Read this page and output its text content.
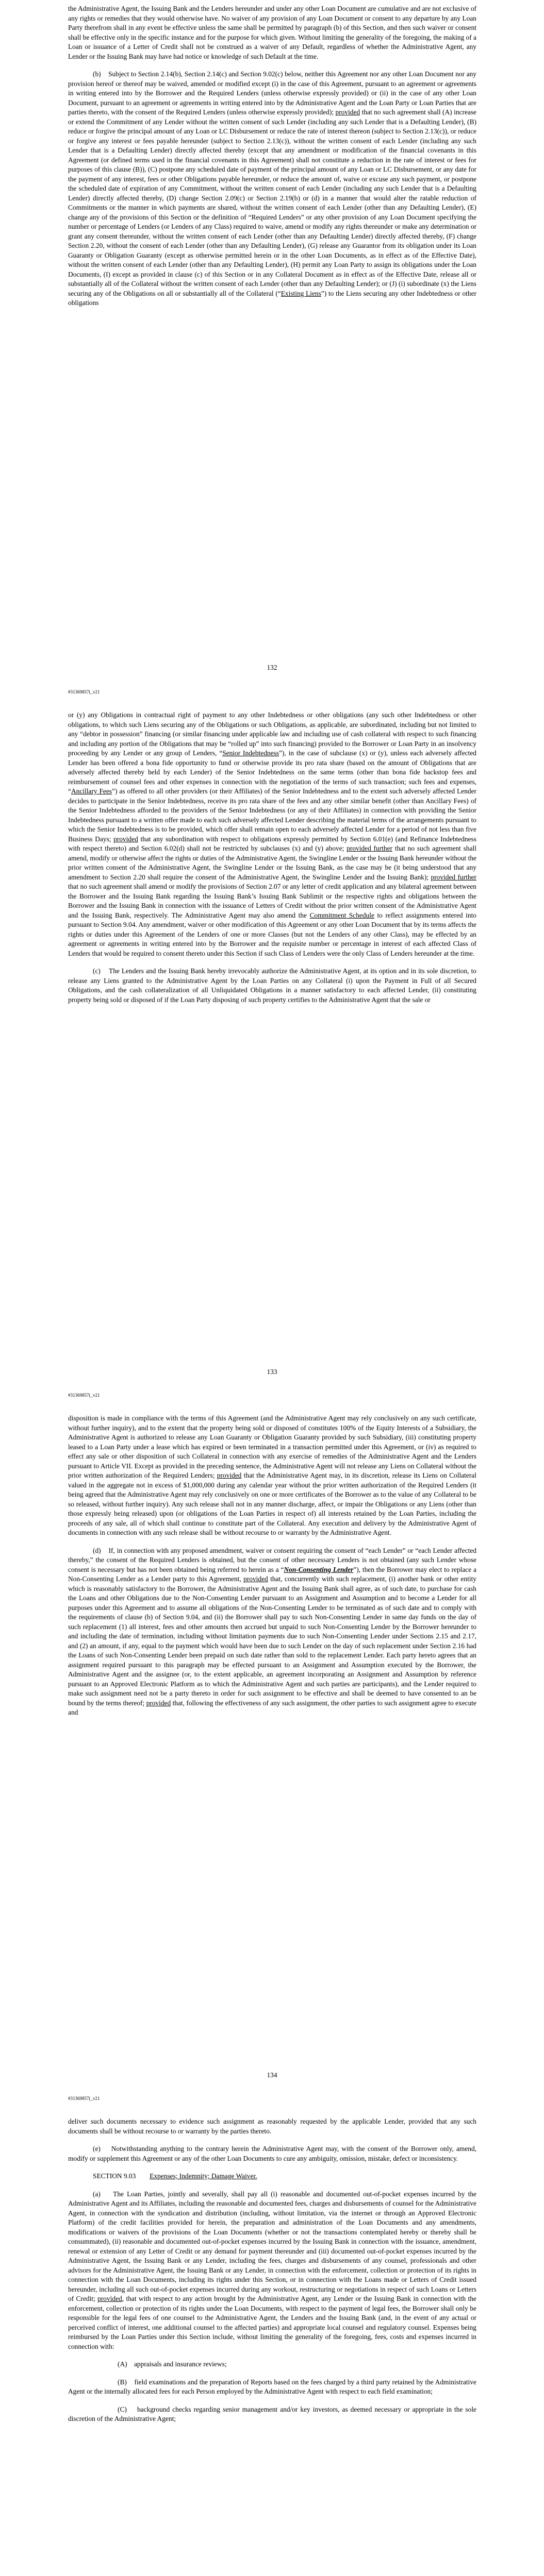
the Administrative Agent, the Issuing Bank and the Lenders hereunder and under any other Loan Document are cumulative and are not exclusive of any rights or remedies that they would otherwise have. No waiver of any provision of any Loan Document or consent to any departure by any Loan Party therefrom shall in any event be effective unless the same shall be permitted by paragraph (b) of this Section, and then such waiver or consent shall be effective only in the specific instance and for the purpose for which given. Without limiting the generality of the foregoing, the making of a Loan or issuance of a Letter of Credit shall not be construed as a waiver of any Default, regardless of whether the Administrative Agent, any Lender or the Issuing Bank may have had notice or knowledge of such Default at the time.

(b)    Subject to Section 2.14(b), Section 2.14(c) and Section 9.02(c) below, neither this Agreement nor any other Loan Document nor any provision hereof or thereof may be waived, amended or modified except (i) in the case of this Agreement, pursuant to an agreement or agreements in writing entered into by the Borrower and the Required Lenders (unless otherwise expressly provided) or (ii) in the case of any other Loan Document, pursuant to an agreement or agreements in writing entered into by the Administrative Agent and the Loan Party or Loan Parties that are parties thereto, with the consent of the Required Lenders (unless otherwise expressly provided); provided that no such agreement shall (A) increase or extend the Commitment of any Lender without the written consent of such Lender (including any such Lender that is a Defaulting Lender), (B) reduce or forgive the principal amount of any Loan or LC Disbursement or reduce the rate of interest thereon (subject to Section 2.13(c)), or reduce or forgive any interest or fees payable hereunder (subject to Section 2.13(c)), without the written consent of each Lender (including any such Lender that is a Defaulting Lender) directly affected thereby (except that any amendment or modification of the financial covenants in this Agreement (or defined terms used in the financial covenants in this Agreement) shall not constitute a reduction in the rate of interest or fees for purposes of this clause (B)), (C) postpone any scheduled date of payment of the principal amount of any Loan or LC Disbursement, or any date for the payment of any interest, fees or other Obligations payable hereunder, or reduce the amount of, waive or excuse any such payment, or postpone the scheduled date of expiration of any Commitment, without the written consent of each Lender (including any such Lender that is a Defaulting Lender) directly affected thereby, (D) change Section 2.09(c) or Section 2.19(b) or (d) in a manner that would alter the ratable reduction of Commitments or the manner in which payments are shared, without the written consent of each Lender (other than any Defaulting Lender), (E) change any of the provisions of this Section or the definition of “Required Lenders” or any other provision of any Loan Document specifying the number or percentage of Lenders (or Lenders of any Class) required to waive, amend or modify any rights thereunder or make any determination or grant any consent thereunder, without the written consent of each Lender (other than any Defaulting Lender) directly affected thereby, (F) change Section 2.20, without the consent of each Lender (other than any Defaulting Lender), (G) release any Guarantor from its obligation under its Loan Guaranty or Obligation Guaranty (except as otherwise permitted herein or in the other Loan Documents, as in effect as of the Effective Date), without the written consent of each Lender (other than any Defaulting Lender), (H) permit any Loan Party to assign its obligations under the Loan Documents, (I) except as provided in clause (c) of this Section or in any Collateral Document as in effect as of the Effective Date, release all or substantially all of the Collateral without the written consent of each Lender (other than any Defaulting Lender); or (J) (i) subordinate (x) the Liens securing any of the Obligations on all or substantially all of the Collateral (“Existing Liens”) to the Liens securing any other Indebtedness or other obligations

132
#31369857(_v21

or (y) any Obligations in contractual right of payment to any other Indebtedness or other obligations (any such other Indebtedness or other obligations, to which such Liens securing any of the Obligations or such Obligations, as applicable, are subordinated, including but not limited to any “debtor in possession” financing (or similar financing under applicable law and including use of cash collateral with respect to such financing and including any portion of the Obligations that may be “rolled up” into such financing) provided to the Borrower or Loan Party in an insolvency proceeding by any Lender or any group of Lenders, “Senior Indebtedness”), in the case of subclause (x) or (y), unless each adversely affected Lender has been offered a bona fide opportunity to fund or otherwise provide its pro rata share (based on the amount of Obligations that are adversely affected thereby held by each Lender) of the Senior Indebtedness on the same terms (other than bona fide backstop fees and reimbursement of counsel fees and other expenses in connection with the negotiation of the terms of such transaction; such fees and expenses, “Ancillary Fees”) as offered to all other providers (or their Affiliates) of the Senior Indebtedness and to the extent such adversely affected Lender decides to participate in the Senior Indebtedness, receive its pro rata share of the fees and any other similar benefit (other than Ancillary Fees) of the Senior Indebtedness afforded to the providers of the Senior Indebtedness (or any of their Affiliates) in connection with providing the Senior Indebtedness pursuant to a written offer made to each such adversely affected Lender describing the material terms of the arrangements pursuant to which the Senior Indebtedness is to be provided, which offer shall remain open to each adversely affected Lender for a period of not less than five Business Days; provided that any subordination with respect to obligations expressly permitted by Section 6.01(e) (and Refinance Indebtedness with respect thereto) and Section 6.02(d) shall not be restricted by subclauses (x) and (y) above; provided further that no such agreement shall amend, modify or otherwise affect the rights or duties of the Administrative Agent, the Swingline Lender or the Issuing Bank hereunder without the prior written consent of the Administrative Agent, the Swingline Lender or the Issuing Bank, as the case may be (it being understood that any amendment to Section 2.20 shall require the consent of the Administrative Agent, the Swingline Lender and the Issuing Bank); provided further that no such agreement shall amend or modify the provisions of Section 2.07 or any letter of credit application and any bilateral agreement between the Borrower and the Issuing Bank regarding the Issuing Bank’s Issuing Bank Sublimit or the respective rights and obligations between the Borrower and the Issuing Bank in connection with the issuance of Letters of Credit without the prior written consent of the Administrative Agent and the Issuing Bank, respectively. The Administrative Agent may also amend the Commitment Schedule to reflect assignments entered into pursuant to Section 9.04. Any amendment, waiver or other modification of this Agreement or any other Loan Document that by its terms affects the rights or duties under this Agreement of the Lenders of one or more Classes (but not the Lenders of any other Class), may be effected by an agreement or agreements in writing entered into by the Borrower and the requisite number or percentage in interest of each affected Class of Lenders that would be required to consent thereto under this Section if such Class of Lenders were the only Class of Lenders hereunder at the time.

(c)    The Lenders and the Issuing Bank hereby irrevocably authorize the Administrative Agent, at its option and in its sole discretion, to release any Liens granted to the Administrative Agent by the Loan Parties on any Collateral (i) upon the Payment in Full of all Secured Obligations, and the cash collateralization of all Unliquidated Obligations in a manner satisfactory to each affected Lender, (ii) constituting property being sold or disposed of if the Loan Party disposing of such property certifies to the Administrative Agent that the sale or

133
#31369857(_v21

disposition is made in compliance with the terms of this Agreement (and the Administrative Agent may rely conclusively on any such certificate, without further inquiry), and to the extent that the property being sold or disposed of constitutes 100% of the Equity Interests of a Subsidiary, the Administrative Agent is authorized to release any Loan Guaranty or Obligation Guaranty provided by such Subsidiary, (iii) constituting property leased to a Loan Party under a lease which has expired or been terminated in a transaction permitted under this Agreement, or (iv) as required to effect any sale or other disposition of such Collateral in connection with any exercise of remedies of the Administrative Agent and the Lenders pursuant to Article VII. Except as provided in the preceding sentence, the Administrative Agent will not release any Liens on Collateral without the prior written authorization of the Required Lenders; provided that the Administrative Agent may, in its discretion, release its Liens on Collateral valued in the aggregate not in excess of $1,000,000 during any calendar year without the prior written authorization of the Required Lenders (it being agreed that the Administrative Agent may rely conclusively on one or more certificates of the Borrower as to the value of any Collateral to be so released, without further inquiry). Any such release shall not in any manner discharge, affect, or impair the Obligations or any Liens (other than those expressly being released) upon (or obligations of the Loan Parties in respect of) all interests retained by the Loan Parties, including the proceeds of any sale, all of which shall continue to constitute part of the Collateral. Any execution and delivery by the Administrative Agent of documents in connection with any such release shall be without recourse to or warranty by the Administrative Agent.

(d)    If, in connection with any proposed amendment, waiver or consent requiring the consent of “each Lender” or “each Lender affected thereby,” the consent of the Required Lenders is obtained, but the consent of other necessary Lenders is not obtained (any such Lender whose consent is necessary but has not been obtained being referred to herein as a “Non-Consenting Lender”), then the Borrower may elect to replace a Non-Consenting Lender as a Lender party to this Agreement, provided that, concurrently with such replacement, (i) another bank or other entity which is reasonably satisfactory to the Borrower, the Administrative Agent and the Issuing Bank shall agree, as of such date, to purchase for cash the Loans and other Obligations due to the Non-Consenting Lender pursuant to an Assignment and Assumption and to become a Lender for all purposes under this Agreement and to assume all obligations of the Non-Consenting Lender to be terminated as of such date and to comply with the requirements of clause (b) of Section 9.04, and (ii) the Borrower shall pay to such Non-Consenting Lender in same day funds on the day of such replacement (1) all interest, fees and other amounts then accrued but unpaid to such Non-Consenting Lender by the Borrower hereunder to and including the date of termination, including without limitation payments due to such Non-Consenting Lender under Sections 2.15 and 2.17, and (2) an amount, if any, equal to the payment which would have been due to such Lender on the day of such replacement under Section 2.16 had the Loans of such Non-Consenting Lender been prepaid on such date rather than sold to the replacement Lender. Each party hereto agrees that an assignment required pursuant to this paragraph may be effected pursuant to an Assignment and Assumption executed by the Borrower, the Administrative Agent and the assignee (or, to the extent applicable, an agreement incorporating an Assignment and Assumption by reference pursuant to an Approved Electronic Platform as to which the Administrative Agent and such parties are participants), and the Lender required to make such assignment need not be a party thereto in order for such assignment to be effective and shall be deemed to have consented to an be bound by the terms thereof; provided that, following the effectiveness of any such assignment, the other parties to such assignment agree to execute and

134
#31369857(_v21

deliver such documents necessary to evidence such assignment as reasonably requested by the applicable Lender, provided that any such documents shall be without recourse to or warranty by the parties thereto.

(e)    Notwithstanding anything to the contrary herein the Administrative Agent may, with the consent of the Borrower only, amend, modify or supplement this Agreement or any of the other Loan Documents to cure any ambiguity, omission, mistake, defect or inconsistency.

SECTION 9.03 Expenses; Indemnity; Damage Waiver.

(a)    The Loan Parties, jointly and severally, shall pay all (i) reasonable and documented out-of-pocket expenses incurred by the Administrative Agent and its Affiliates, including the reasonable and documented fees, charges and disbursements of counsel for the Administrative Agent, in connection with the syndication and distribution (including, without limitation, via the internet or through an Approved Electronic Platform) of the credit facilities provided for herein, the preparation and administration of the Loan Documents and any amendments, modifications or waivers of the provisions of the Loan Documents (whether or not the transactions contemplated hereby or thereby shall be consummated), (ii) reasonable and documented out-of-pocket expenses incurred by the Issuing Bank in connection with the issuance, amendment, renewal or extension of any Letter of Credit or any demand for payment thereunder and (iii) documented out-of-pocket expenses incurred by the Administrative Agent, the Issuing Bank or any Lender, including the fees, charges and disbursements of any counsel, professionals and other advisors for the Administrative Agent, the Issuing Bank or any Lender, in connection with the enforcement, collection or protection of its rights in connection with the Loan Documents, including its rights under this Section, or in connection with the Loans made or Letters of Credit issued hereunder, including all such out-of-pocket expenses incurred during any workout, restructuring or negotiations in respect of such Loans or Letters of Credit; provided, that with respect to any action brought by the Administrative Agent, any Lender or the Issuing Bank in connection with the enforcement, collection or protection of its rights under the Loan Documents, with respect to the payment of legal fees, the Borrower shall only be responsible for the legal fees of one counsel to the Administrative Agent, the Lenders and the Issuing Bank (and, in the event of any actual or perceived conflict of interest, one additional counsel to the affected parties) and appropriate local counsel and regulatory counsel. Expenses being reimbursed by the Loan Parties under this Section include, without limiting the generality of the foregoing, fees, costs and expenses incurred in connection with:

(A)    appraisals and insurance reviews;

(B)    field examinations and the preparation of Reports based on the fees charged by a third party retained by the Administrative Agent or the internally allocated fees for each Person employed by the Administrative Agent with respect to each field examination;

(C)    background checks regarding senior management and/or key investors, as deemed necessary or appropriate in the sole discretion of the Administrative Agent;
